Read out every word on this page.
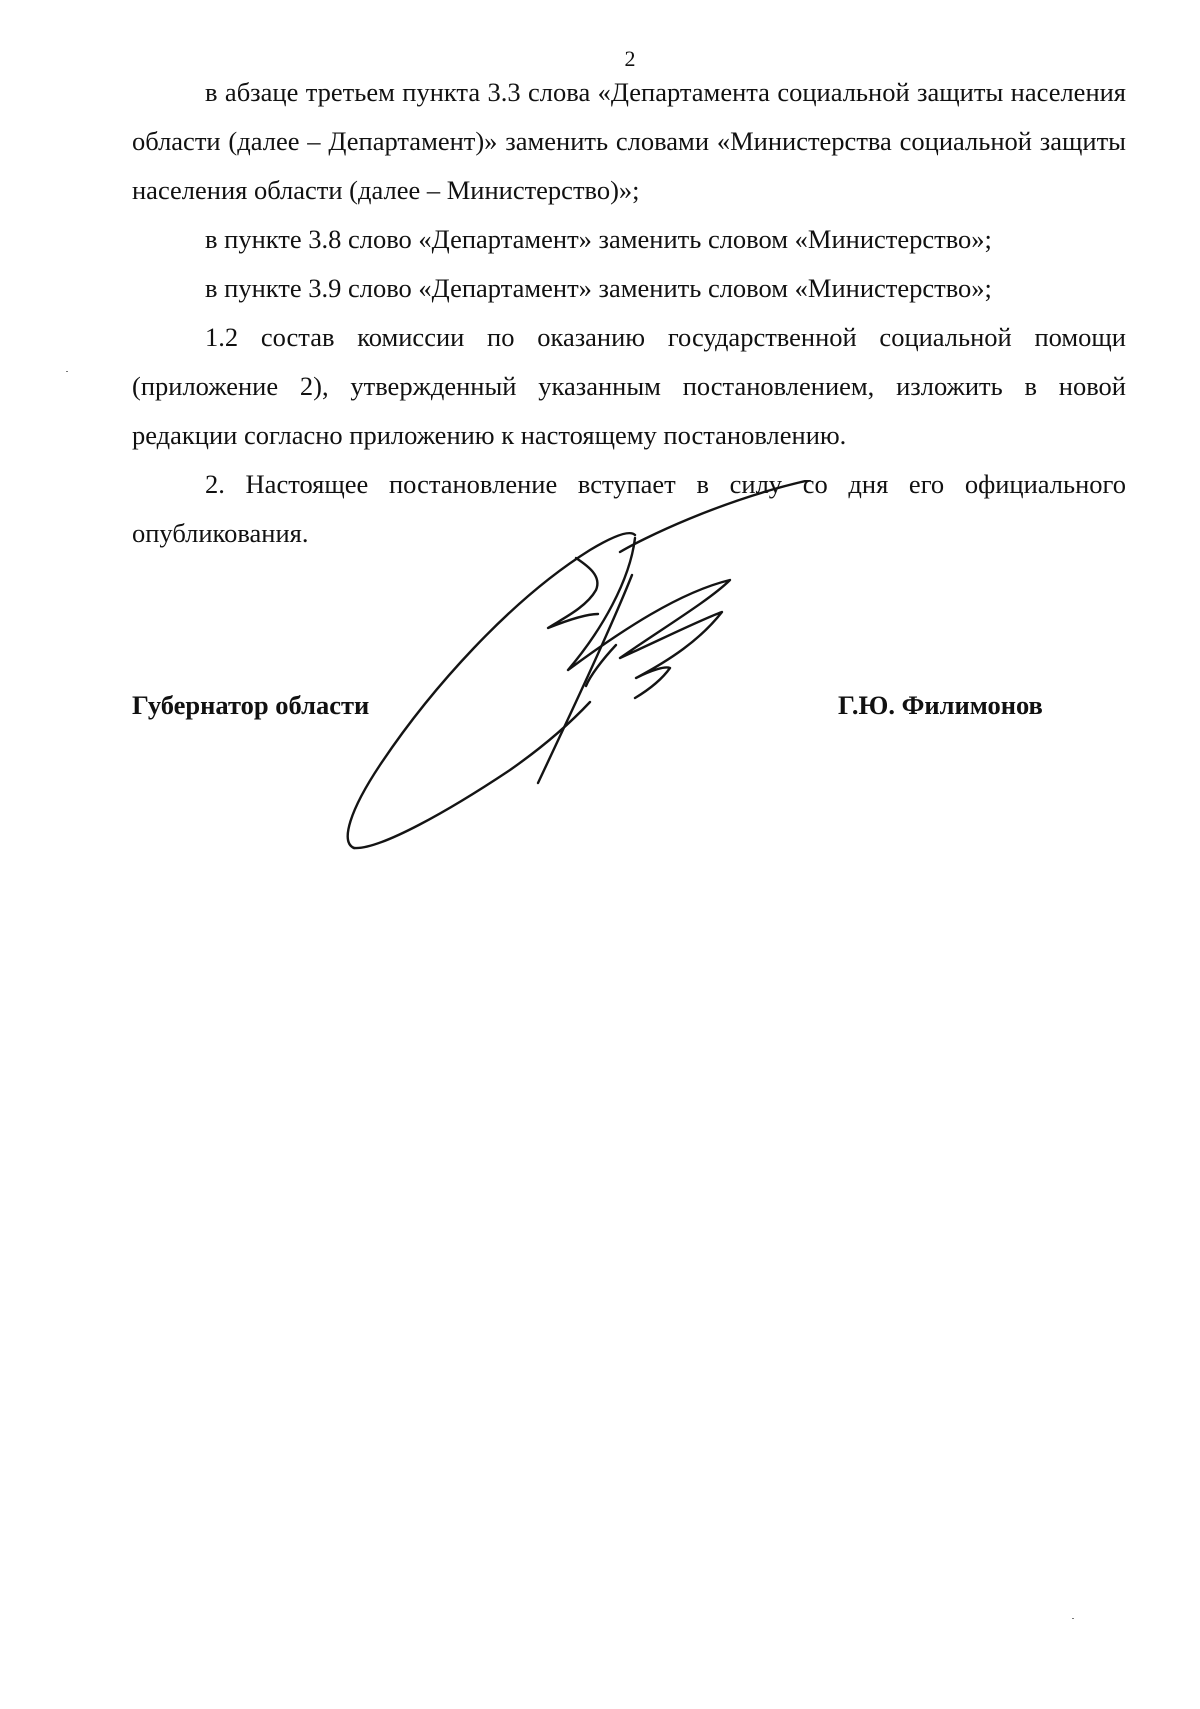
2

в абзаце третьем пункта 3.3 слова «Департамента социальной защиты населения области (далее – Департамент)» заменить словами «Министерства социальной защиты населения области (далее – Министерство)»;

в пункте 3.8 слово «Департамент» заменить словом «Министерство»;

в пункте 3.9 слово «Департамент» заменить словом «Министерство»;

1.2 состав комиссии по оказанию государственной социальной помощи (приложение 2), утвержденный указанным постановлением, изложить в новой редакции согласно приложению к настоящему постановлению.

2. Настоящее постановление вступает в силу со дня его официального опубликования.

Губернатор области	Г.Ю. Филимонов
